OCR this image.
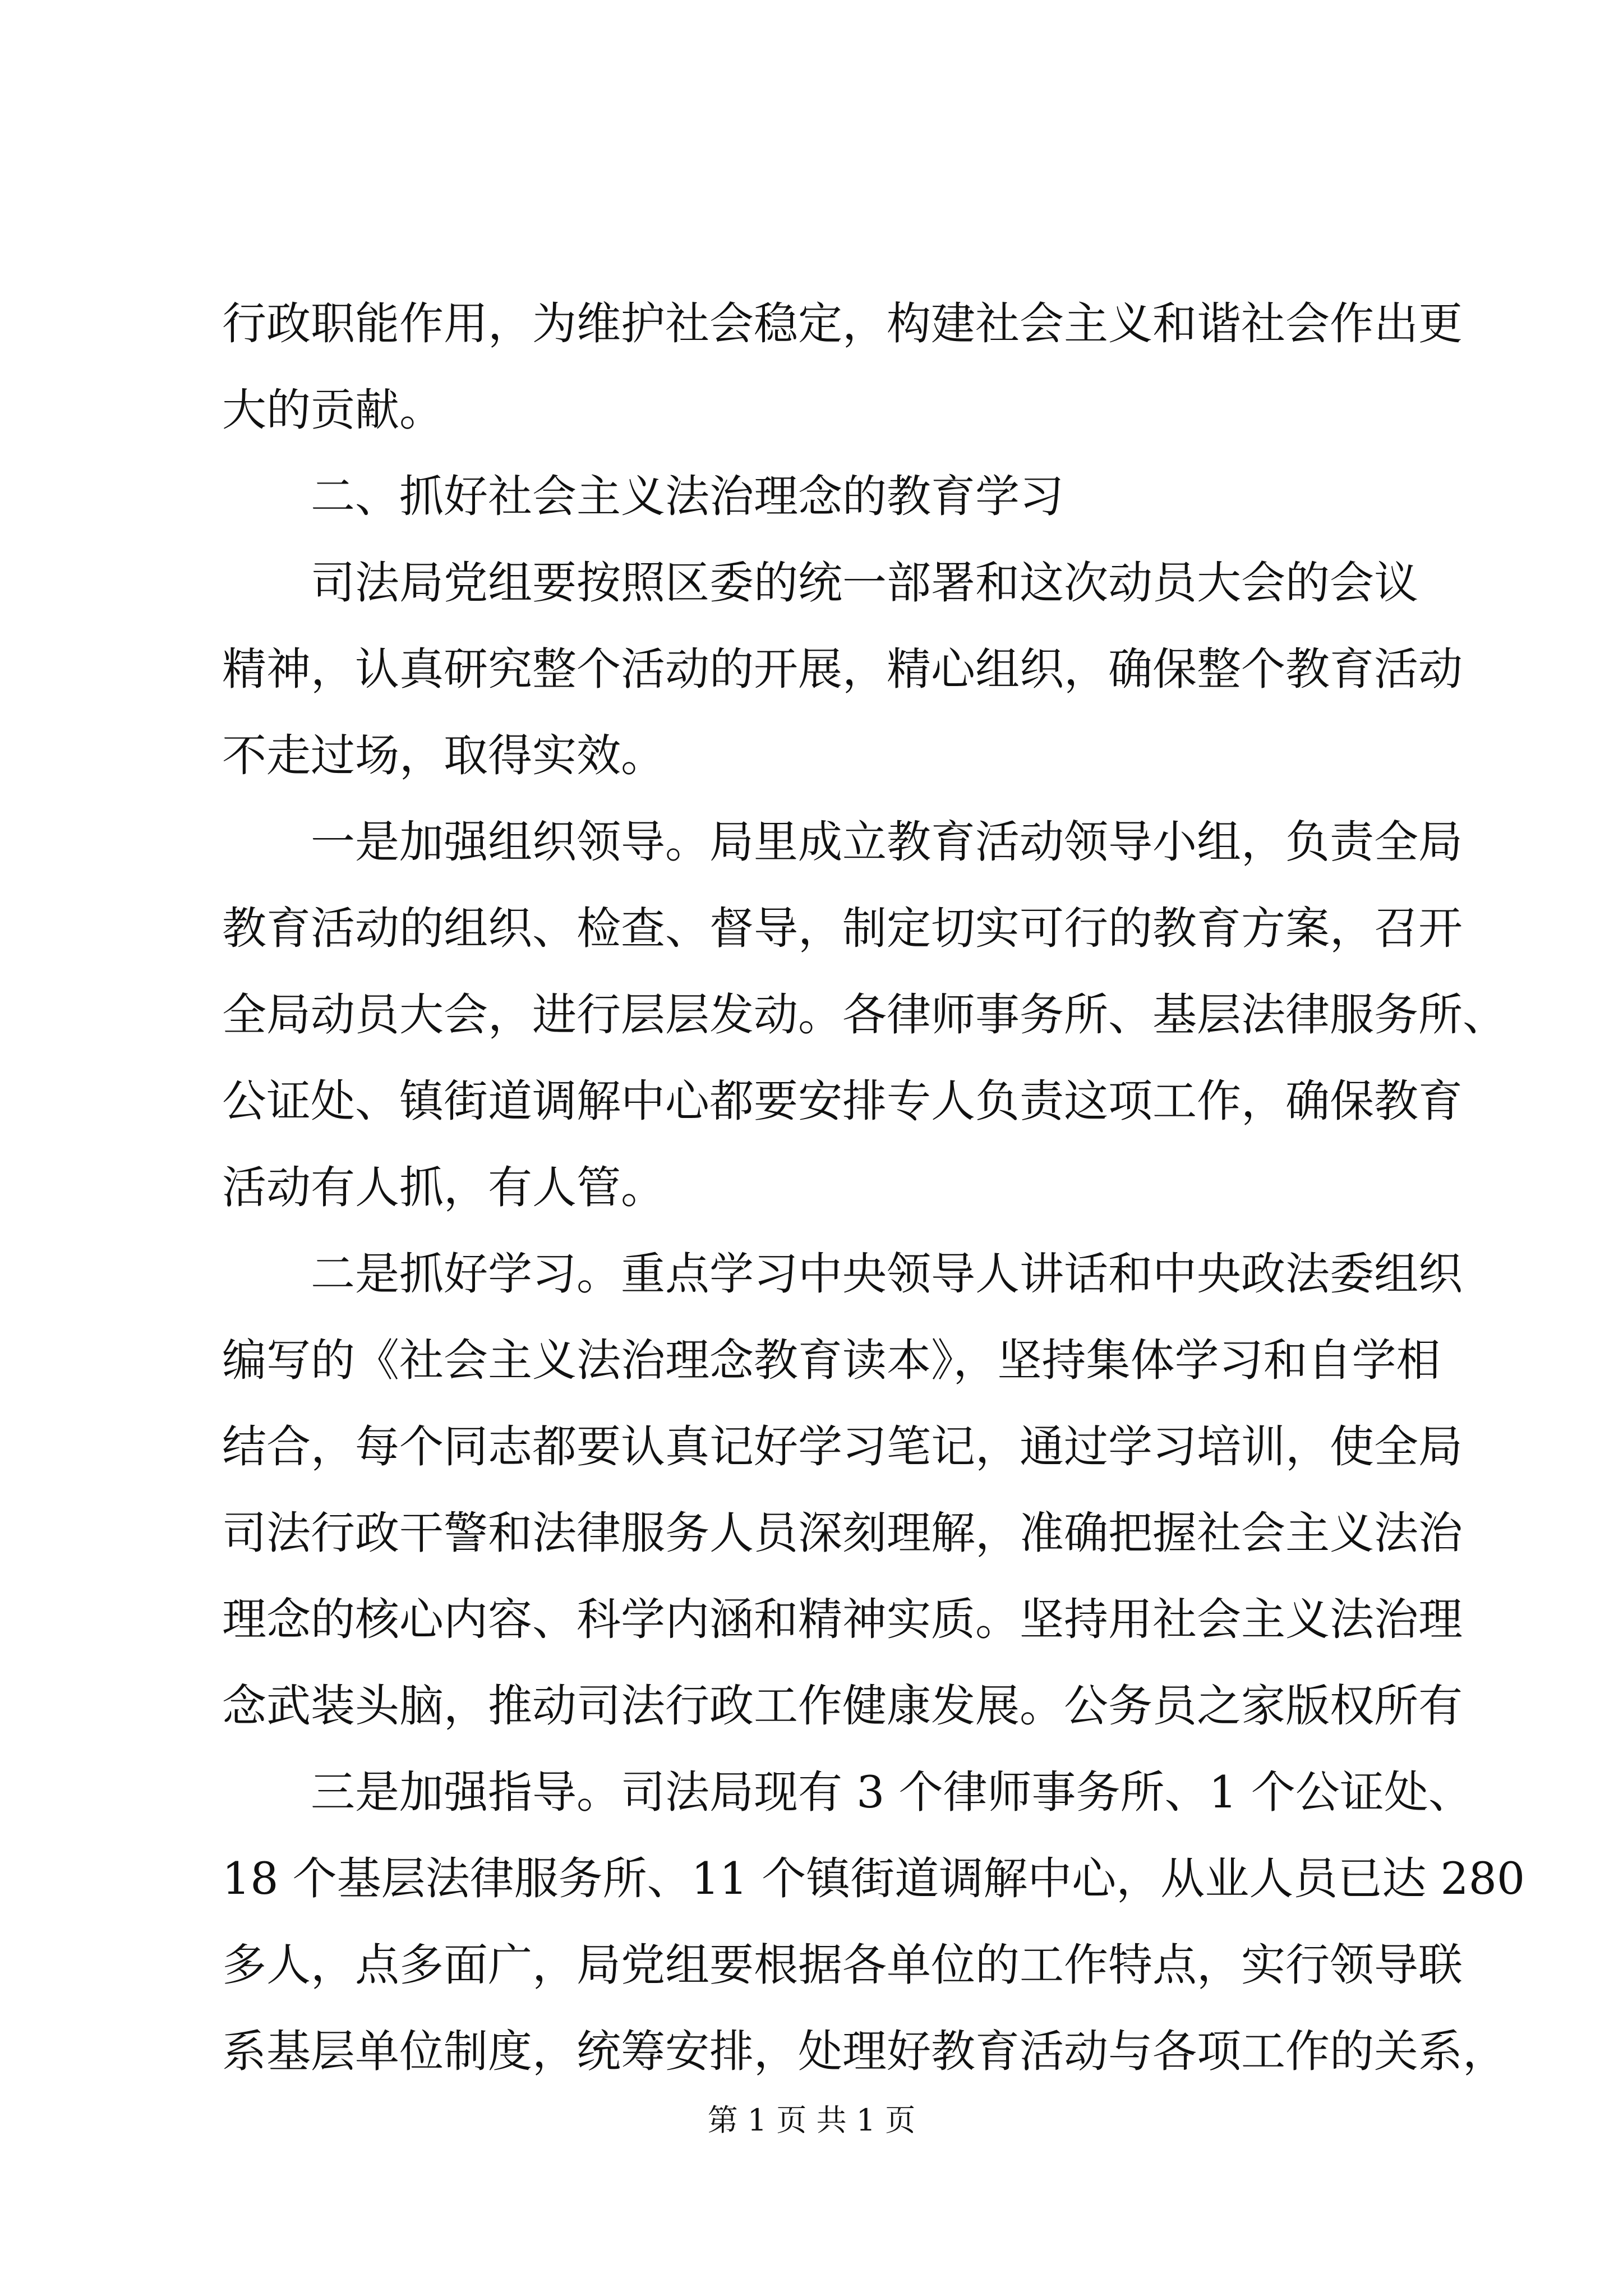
行政职能作用，为维护社会稳定，构建社会主义和谐社会作出更
大的贡献。
二、抓好社会主义法治理念的教育学习
司法局党组要按照区委的统一部署和这次动员大会的会议
精神，认真研究整个活动的开展，精心组织，确保整个教育活动
不走过场，取得实效。
一是加强组织领导。局里成立教育活动领导小组，负责全局
教育活动的组织、检查、督导，制定切实可行的教育方案，召开
全局动员大会，进行层层发动。各律师事务所、基层法律服务所、
公证处、镇街道调解中心都要安排专人负责这项工作，确保教育
活动有人抓，有人管。
二是抓好学习。重点学习中央领导人讲话和中央政法委组织
编写的《社会主义法治理念教育读本》，坚持集体学习和自学相
结合，每个同志都要认真记好学习笔记，通过学习培训，使全局
司法行政干警和法律服务人员深刻理解，准确把握社会主义法治
理念的核心内容、科学内涵和精神实质。坚持用社会主义法治理
念武装头脑，推动司法行政工作健康发展。公务员之家版权所有
三是加强指导。司法局现有 3 个律师事务所、1 个公证处、
18 个基层法律服务所、11 个镇街道调解中心，从业人员已达 280
多人，点多面广，局党组要根据各单位的工作特点，实行领导联
系基层单位制度，统筹安排，处理好教育活动与各项工作的关系，
第 1 页 共 1 页
